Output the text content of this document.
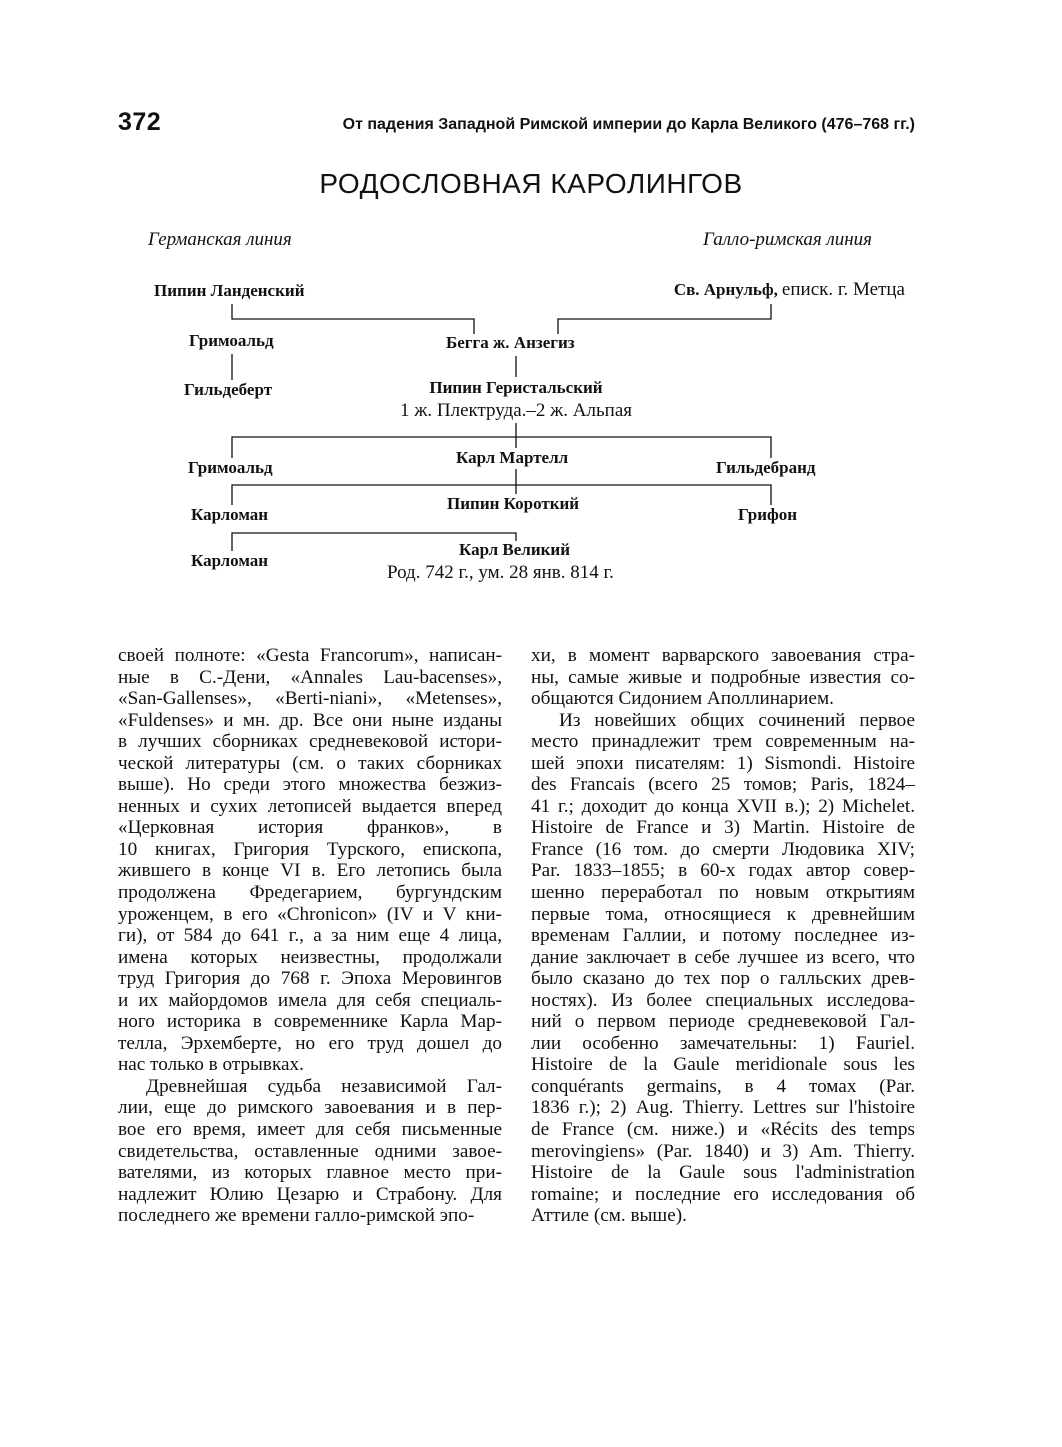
372	От падения Западной Римской империи до Карла Великого (476–768 гг.)
РОДОСЛОВНАЯ КАРОЛИНГОВ
Германская линия	Галло-римская линия
Пипин Ланденский	Св. Арнульф, еписк. г. Метца
Гримоальд	Бегга ж. Анзегиз
Гильдеберт	Пипин Геристальский
1 ж. Плектруда.–2 ж. Альпая
Гримоальд
Карл Мартелл
Гильдебранд
Карломан
Пипин Короткий
Грифон
Карломан
Карл Великий
Род. 742 г., ум. 28 янв. 814 г.
своей полноте: «Gesta Francorum», написан-
ные в С.-Дени, «Annales Lau-bacenses»,
«San-Gallenses», «Berti-niani», «Metenses»,
«Fuldenses» и мн. др. Все они ныне изданы
в лучших сборниках средневековой истори-
ческой литературы (см. о таких сборниках
выше). Но среди этого множества безжиз-
ненных и сухих летописей выдается вперед
«Церковная история франков», в
10 книгах, Григория Турского, епископа,
жившего в конце VI в. Его летопись была
продолжена Фредегарием, бургундским
уроженцем, в его «Chronicon» (IV и V кни-
ги), от 584 до 641 г., а за ним еще 4 лица,
имена которых неизвестны, продолжали
труд Григория до 768 г. Эпоха Меровингов
и их майордомов имела для себя специаль-
ного историка в современнике Карла Мар-
телла, Эрхемберте, но его труд дошел до
нас только в отрывках.
Древнейшая судьба независимой Гал-
лии, еще до римского завоевания и в пер-
вое его время, имеет для себя письменные
свидетельства, оставленные одними завое-
вателями, из которых главное место при-
надлежит Юлию Цезарю и Страбону. Для
последнего же времени галло-римской эпо-
хи, в момент варварского завоевания стра-
ны, самые живые и подробные известия со-
общаются Сидонием Аполлинарием.
Из новейших общих сочинений первое
место принадлежит трем современным на-
шей эпохи писателям: 1) Sismondi. Histoire
des Francais (всего 25 томов; Paris, 1824–
41 г.; доходит до конца XVII в.); 2) Michelet.
Histoire de France и 3) Martin. Histoire de
France (16 том. до смерти Людовика XIV;
Par. 1833–1855; в 60-х годах автор совер-
шенно переработал по новым открытиям
первые тома, относящиеся к древнейшим
временам Галлии, и потому последнее из-
дание заключает в себе лучшее из всего, что
было сказано до тех пор о галльских древ-
ностях). Из более специальных исследова-
ний о первом периоде средневековой Гал-
лии особенно замечательны: 1) Fauriel.
Histoire de la Gaule meridionale sous les
conquérants germains, в 4 томах (Par.
1836 г.); 2) Aug. Thierry. Lettres sur l'histoire
de France (см. ниже.) и «Récits des temps
merovingiens» (Par. 1840) и 3) Am. Thierry.
Histoire de la Gaule sous l'administration
romaine; и последние его исследования об
Аттиле (см. выше).
